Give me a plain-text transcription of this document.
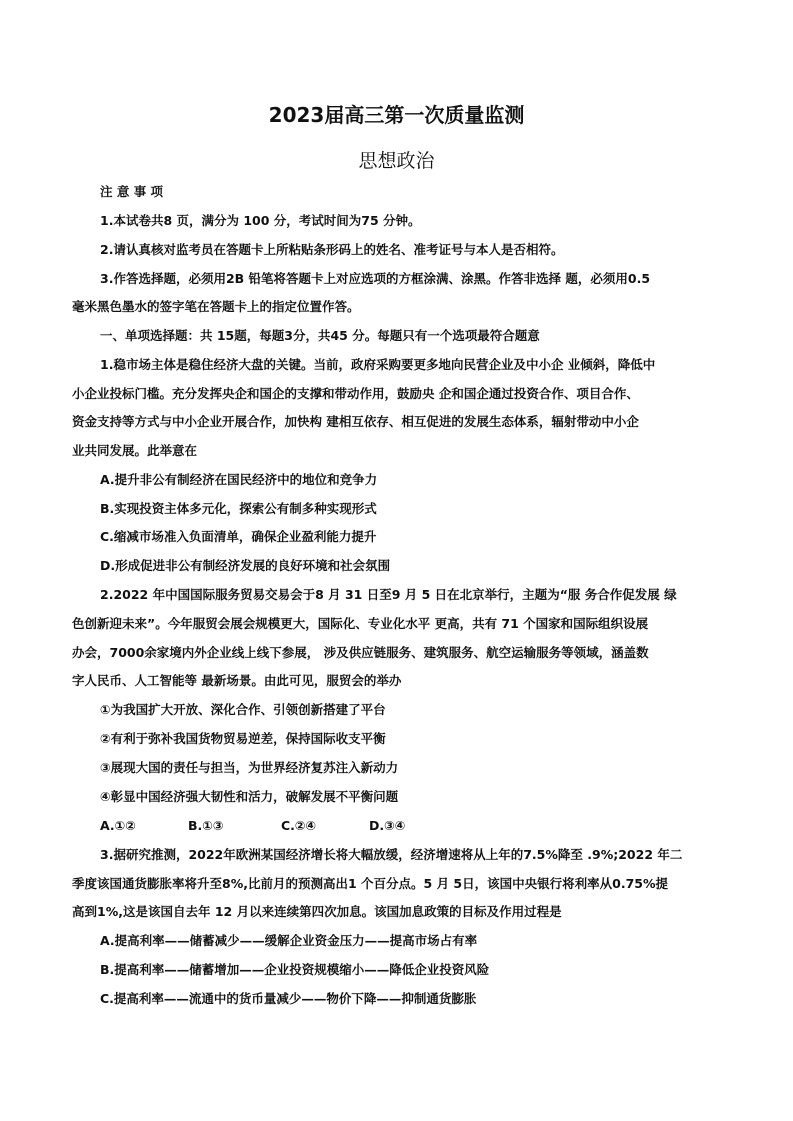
2023届高三第一次质量监测
思想政治
注 意 事 项
1.本试卷共8 页，满分为 100 分，考试时间为75 分钟。
2.请认真核对监考员在答题卡上所粘贴条形码上的姓名、准考证号与本人是否相符。
3.作答选择题，必须用2B 铅笔将答题卡上对应选项的方框涂满、涂黑。作答非选择 题，必须用0.5
毫米黑色墨水的签字笔在答题卡上的指定位置作答。
一、单项选择题：共 15题，每题3分，共45 分。每题只有一个选项最符合题意
1.稳市场主体是稳住经济大盘的关键。当前，政府采购要更多地向民营企业及中小企 业倾斜，降低中
小企业投标门槛。充分发挥央企和国企的支撑和带动作用，鼓励央 企和国企通过投资合作、项目合作、
资金支持等方式与中小企业开展合作，加快构 建相互依存、相互促进的发展生态体系，辐射带动中小企
业共同发展。此举意在
A.提升非公有制经济在国民经济中的地位和竞争力
B.实现投资主体多元化，探索公有制多种实现形式
C.缩减市场准入负面清单，确保企业盈利能力提升
D.形成促进非公有制经济发展的良好环境和社会氛围
2.2022 年中国国际服务贸易交易会于8 月 31 日至9 月 5 日在北京举行，主题为“服 务合作促发展 绿
色创新迎未来”。今年服贸会展会规模更大，国际化、专业化水平 更高，共有 71 个国家和国际组织设展
办会，7000余家境内外企业线上线下参展， 涉及供应链服务、建筑服务、航空运输服务等领域，涵盖数
字人民币、人工智能等 最新场景。由此可见，服贸会的举办
①为我国扩大开放、深化合作、引领创新搭建了平台
②有利于弥补我国货物贸易逆差，保持国际收支平衡
③展现大国的责任与担当，为世界经济复苏注入新动力
④彰显中国经济强大韧性和活力，破解发展不平衡问题
A.①②	B.①③	C.②④	D.③④
3.据研究推测，2022年欧洲某国经济增长将大幅放缓，经济增速将从上年的7.5%降至 .9%;2022 年二
季度该国通货膨胀率将升至8%,比前月的预测高出1 个百分点。5 月 5日，该国中央银行将利率从0.75%提
高到1%,这是该国自去年 12 月以来连续第四次加息。该国加息政策的目标及作用过程是
A.提高利率——储蓄减少——缓解企业资金压力——提高市场占有率
B.提高利率——储蓄增加——企业投资规模缩小——降低企业投资风险
C.提高利率——流通中的货币量减少——物价下降——抑制通货膨胀
